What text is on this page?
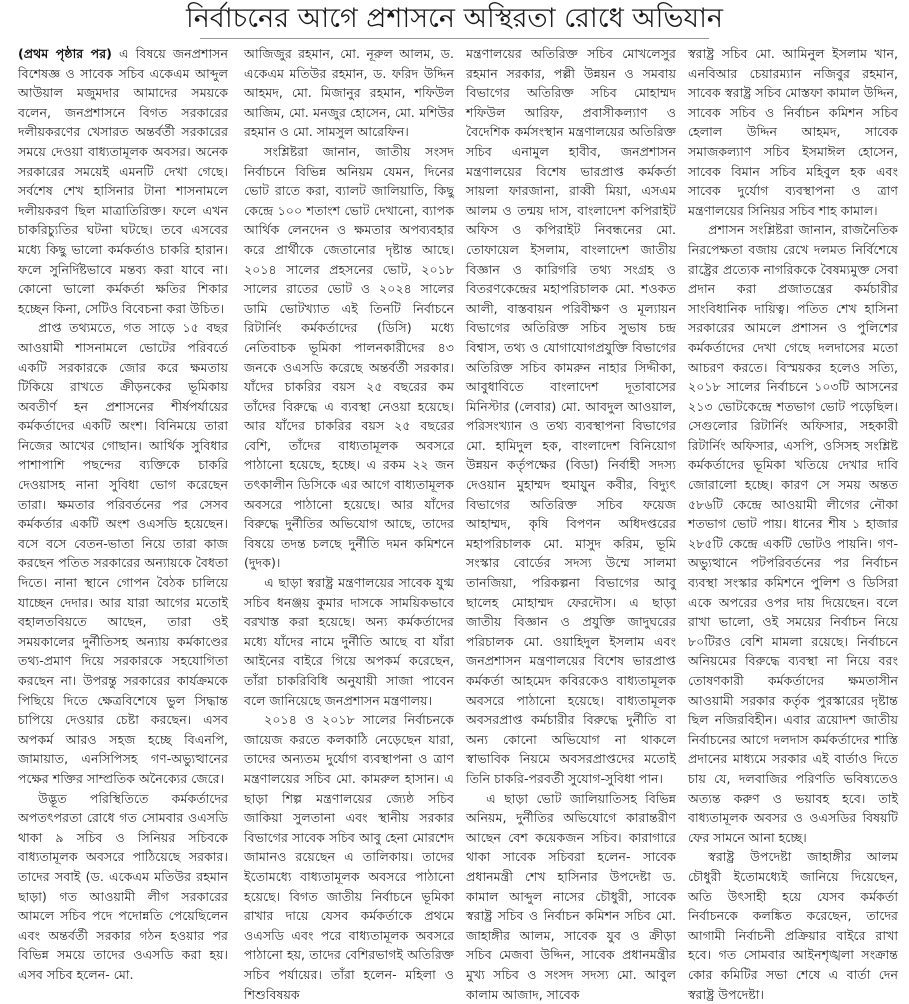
নির্বাচনের আগে প্রশাসনে অস্থিরতা রোধে অভিযান

(প্রথম পৃষ্ঠার পর) এ বিষয়ে জনপ্রশাসন বিশেষজ্ঞ ও সাবেক সচিব একেএম আব্দুল আউয়াল মজুমদার আমাদের সময়কে বলেন, জনপ্রশাসনে বিগত সরকারের দলীয়করণের খেসারত অন্তর্বর্তী সরকারের সময়ে দেওয়া বাধ্যতামূলক অবসর। অনেক সরকারের সময়েই এমনটি দেখা গেছে। সর্বশেষ শেখ হাসিনার টানা শাসনামলে দলীয়করণ ছিল মাত্রাতিরিক্ত। ফলে এখন চাকরিচ্যুতির ঘটনা ঘটছে। তবে এসবের মধ্যে কিছু ভালো কর্মকর্তাও চাকরি হারান। ফলে সুনির্দিষ্টভাবে মন্তব্য করা যাবে না। কোনো ভালো কর্মকর্তা ক্ষতির শিকার হচ্ছেন কিনা, সেটিও বিবেচনা করা উচিত।

প্রাপ্ত তথ্যমতে, গত সাড়ে ১৫ বছর আওয়ামী শাসনামলে ভোটের পরিবর্তে একটি সরকারকে জোর করে ক্ষমতায় টিকিয়ে রাখতে ক্রীড়নকের ভূমিকায় অবতীর্ণ হন প্রশাসনের শীর্ষপর্যায়ের কর্মকর্তাদের একটি অংশ। বিনিময়ে তারা নিজের আখের গোছান। আর্থিক সুবিধার পাশাপাশি পছন্দের ব্যক্তিকে চাকরি দেওয়াসহ নানা সুবিধা ভোগ করেছেন তারা। ক্ষমতার পরিবর্তনের পর সেসব কর্মকর্তার একটি অংশ ওএসডি হয়েছেন। বসে বসে বেতন-ভাতা নিয়ে তারা কাজ করছেন পতিত সরকারের অন্যায়কে বৈধতা দিতে। নানা স্থানে গোপন বৈঠক চালিয়ে যাচ্ছেন দেদার। আর যারা আগের মতোই বহালতবিয়তে আছেন, তারা ওই সময়কালের দুর্নীতিসহ অন্যায় কর্মকাণ্ডের তথ্য-প্রমাণ দিয়ে সরকারকে সহযোগিতা করছেন না। উপরন্তু সরকারের কার্যক্রমকে পিছিয়ে দিতে ক্ষেত্রবিশেষে ভুল সিদ্ধান্ত চাপিয়ে দেওয়ার চেষ্টা করছেন। এসব অপকর্ম আরও সহজ হচ্ছে বিএনপি, জামায়াত, এনসিপিসহ গণ-অভ্যুত্থানের পক্ষের শক্তির সাম্প্রতিক অনৈক্যের জেরে।

উদ্ভূত পরিস্থিতিতে কর্মকর্তাদের অপতৎপরতা রোধে গত সোমবার ওএসডি থাকা ৯ সচিব ও সিনিয়র সচিবকে বাধ্যতামূলক অবসরে পাঠিয়েছে সরকার। তাদের সবাই (ড. একেএম মতিউর রহমান ছাড়া) গত আওয়ামী লীগ সরকারের আমলে সচিব পদে পদোন্নতি পেয়েছিলেন এবং অন্তর্বর্তী সরকার গঠন হওয়ার পর বিভিন্ন সময়ে তাদের ওএসডি করা হয়। এসব সচিব হলেন- মো.

আজিজুর রহমান, মো. নূরুল আলম, ড. একেএম মতিউর রহমান, ড. ফরিদ উদ্দিন আহমদ, মো. মিজানুর রহমান, শফিউল আজিম, মো. মনজুর হোসেন, মো. মশিউর রহমান ও মো. সামসুল আরেফিন।

সংশ্লিষ্টরা জানান, জাতীয় সংসদ নির্বাচনে বিভিন্ন অনিয়ম যেমন, দিনের ভোট রাতে করা, ব্যালট জালিয়াতি, কিছু কেন্দ্রে ১০০ শতাংশ ভোট দেখানো, ব্যাপক আর্থিক লেনদেন ও ক্ষমতার অপব্যবহার করে প্রার্থীকে জেতানোর দৃষ্টান্ত আছে। ২০১৪ সালের প্রহসনের ভোট, ২০১৮ সালের রাতের ভোট ও ২০২৪ সালের ডামি ভোটখ্যাত এই তিনটি নির্বাচনে রিটার্নিং কর্মকর্তাদের (ডিসি) মধ্যে নেতিবাচক ভূমিকা পালনকারীদের ৪৩ জনকে ওএসডি করেছে অন্তর্বর্তী সরকার। যাঁদের চাকরির বয়স ২৫ বছরের কম তাঁদের বিরুদ্ধে এ ব্যবস্থা নেওয়া হয়েছে। আর যাঁদের চাকরির বয়স ২৫ বছরের বেশি, তাঁদের বাধ্যতামূলক অবসরে পাঠানো হয়েছে, হচ্ছে। এ রকম ২২ জন তৎকালীন ডিসিকে এর আগে বাধ্যতামূলক অবসরে পাঠানো হয়েছে। আর যাঁদের বিরুদ্ধে দুর্নীতির অভিযোগ আছে, তাদের বিষয়ে তদন্ত চলছে দুর্নীতি দমন কমিশনে (দুদক)।

এ ছাড়া স্বরাষ্ট্র মন্ত্রণালয়ের সাবেক যুগ্ম সচিব ধনঞ্জয় কুমার দাসকে সাময়িকভাবে বরখাস্ত করা হয়েছে। অন্য কর্মকর্তাদের মধ্যে যাঁদের নামে দুর্নীতি আছে বা যাঁরা আইনের বাইরে গিয়ে অপকর্ম করেছেন, তাঁরা চাকরিবিধি অনুযায়ী সাজা পাবেন বলে জানিয়েছে জনপ্রশাসন মন্ত্রণালয়।

২০১৪ ও ২০১৮ সালের নির্বাচনকে জায়েজ করতে কলকাঠি নেড়েছেন যারা, তাদের অন্যতম দুর্যোগ ব্যবস্থাপনা ও ত্রাণ মন্ত্রণালয়ের সচিব মো. কামরুল হাসান। এ ছাড়া শিল্প মন্ত্রণালয়ের জ্যেষ্ঠ সচিব জাকিয়া সুলতানা এবং স্থানীয় সরকার বিভাগের সাবেক সচিব আবু হেনা মোরশেদ জামানও রয়েছেন এ তালিকায়। তাদের ইতোমধ্যে বাধ্যতামূলক অবসরে পাঠানো হয়েছে। বিগত জাতীয় নির্বাচনে ভূমিকা রাখার দায়ে যেসব কর্মকর্তাকে প্রথমে ওএসডি এবং পরে বাধ্যতামূলক অবসরে পাঠানো হয়, তাদের বেশিরভাগই অতিরিক্ত সচিব পর্যায়ের। তাঁরা হলেন- মহিলা ও শিশুবিষয়ক

মন্ত্রণালয়ের অতিরিক্ত সচিব মোখলেসুর রহমান সরকার, পল্লী উন্নয়ন ও সমবায় বিভাগের অতিরিক্ত সচিব মোহাম্মদ শফিউল আরিফ, প্রবাসীকল্যাণ ও বৈদেশিক কর্মসংস্থান মন্ত্রণালয়ের অতিরিক্ত সচিব এনামুল হাবীব, জনপ্রশাসন মন্ত্রণালয়ের বিশেষ ভারপ্রাপ্ত কর্মকর্তা সায়লা ফারজানা, রাব্বী মিয়া, এসএম আলম ও তন্ময় দাস, বাংলাদেশ কপিরাইট অফিস ও কপিরাইট নিবন্ধনের মো. তোফায়েল ইসলাম, বাংলাদেশ জাতীয় বিজ্ঞান ও কারিগরি তথ্য সংগ্রহ ও বিতরণকেন্দ্রের মহাপরিচালক মো. শওকত আলী, বাস্তবায়ন পরিবীক্ষণ ও মূল্যায়ন বিভাগের অতিরিক্ত সচিব সুভাষ চন্দ্র বিশ্বাস, তথ্য ও যোগাযোগপ্রযুক্তি বিভাগের অতিরিক্ত সচিব কামরুন নাহার সিদ্দীকা, আবুধাবিতে বাংলাদেশ দূতাবাসের মিনিস্টার (লেবার) মো. আবদুল আওয়াল, পরিসংখ্যান ও তথ্য ব্যবস্থাপনা বিভাগের মো. হামিদুল হক, বাংলাদেশ বিনিয়োগ উন্নয়ন কর্তৃপক্ষের (বিডা) নির্বাহী সদস্য দেওয়ান মুহাম্মদ হুমায়ুন কবীর, বিদ্যুৎ বিভাগের অতিরিক্ত সচিব ফয়েজ আহাম্মদ, কৃষি বিপণন অধিদপ্তরের মহাপরিচালক মো. মাসুদ করিম, ভূমি সংস্কার বোর্ডের সদস্য উম্মে সালমা তানজিয়া, পরিকল্পনা বিভাগের আবু ছালেহ মোহাম্মদ ফেরদৌস। এ ছাড়া জাতীয় বিজ্ঞান ও প্রযুক্তি জাদুঘরের পরিচালক মো. ওয়াহিদুল ইসলাম এবং জনপ্রশাসন মন্ত্রণালয়ের বিশেষ ভারপ্রাপ্ত কর্মকর্তা আহমেদ কবিরকেও বাধ্যতামূলক অবসরে পাঠানো হয়েছে। বাধ্যতামূলক অবসরপ্রাপ্ত কর্মচারীর বিরুদ্ধে দুর্নীতি বা অন্য কোনো অভিযোগ না থাকলে স্বাভাবিক নিয়মে অবসরপ্রাপ্তদের মতোই তিনি চাকরি-পরবর্তী সুযোগ-সুবিধা পান।

এ ছাড়া ভোট জালিয়াতিসহ বিভিন্ন অনিয়ম, দুর্নীতির অভিযোগে কারান্তরীণ আছেন বেশ কয়েকজন সচিব। কারাগারে থাকা সাবেক সচিবরা হলেন- সাবেক প্রধানমন্ত্রী শেখ হাসিনার উপদেষ্টা ড. কামাল আব্দুল নাসের চৌধুরী, সাবেক স্বরাষ্ট্র সচিব ও নির্বাচন কমিশন সচিব মো. জাহাঙ্গীর আলম, সাবেক যুব ও ক্রীড়া সচিব মেজবা উদ্দিন, সাবেক প্রধানমন্ত্রীর মুখ্য সচিব ও সংসদ সদস্য মো. আবুল কালাম আজাদ, সাবেক

স্বরাষ্ট্র সচিব মো. আমিনুল ইসলাম খান, এনবিআর চেয়ারম্যান নজিবুর রহমান, সাবেক স্বরাষ্ট্র সচিব মোস্তফা কামাল উদ্দিন, সাবেক সচিব ও নির্বাচন কমিশন সচিব হেলাল উদ্দিন আহমদ, সাবেক সমাজকল্যাণ সচিব ইসমাঈল হোসেন, সাবেক বিমান সচিব মহিবুল হক এবং সাবেক দুর্যোগ ব্যবস্থাপনা ও ত্রাণ মন্ত্রণালয়ের সিনিয়র সচিব শাহ কামাল।

প্রশাসন সংশ্লিষ্টরা জানান, রাজনৈতিক নিরপেক্ষতা বজায় রেখে দলমত নির্বিশেষে রাষ্ট্রের প্রত্যেক নাগরিককে বৈষম্যমুক্ত সেবা প্রদান করা প্রজাতন্ত্রের কর্মচারীর সাংবিধানিক দায়িত্ব। পতিত শেখ হাসিনা সরকারের আমলে প্রশাসন ও পুলিশের কর্মকর্তাদের দেখা গেছে দলদাসের মতো আচরণ করতে। বিস্ময়কর হলেও সত্যি, ২০১৮ সালের নির্বাচনে ১০৩টি আসনের ২১৩ ভোটকেন্দ্রে শতভাগ ভোট পড়েছিল। সেগুলোর রিটার্নিং অফিসার, সহকারী রিটার্নিং অফিসার, এসপি, ওসিসহ সংশ্লিষ্ট কর্মকর্তাদের ভূমিকা খতিয়ে দেখার দাবি জোরালো হচ্ছে। কারণ সে সময় অন্তত ৫৮৬টি কেন্দ্রে আওয়ামী লীগের নৌকা শতভাগ ভোট পায়। ধানের শীষ ১ হাজার ২৮৫টি কেন্দ্রে একটি ভোটও পায়নি। গণ-অভ্যুত্থানে পটপরিবর্তনের পর নির্বাচন ব্যবস্থা সংস্কার কমিশনে পুলিশ ও ডিসিরা একে অপরের ওপর দায় দিয়েছেন। বলে রাখা ভালো, ওই সময়ের নির্বাচন নিয়ে ৮০টিরও বেশি মামলা রয়েছে। নির্বাচনে অনিয়মের বিরুদ্ধে ব্যবস্থা না নিয়ে বরং তোষণকারী কর্মকর্তাদের ক্ষমতাসীন আওয়ামী সরকার কর্তৃক পুরস্কারের দৃষ্টান্ত ছিল নজিরবিহীন। এবার ত্রয়োদশ জাতীয় নির্বাচনের আগে দলদাস কর্মকর্তাদের শাস্তি প্রদানের মাধ্যমে সরকার এই বার্তাও দিতে চায় যে, দলবাজির পরিণতি ভবিষ্যতেও অত্যন্ত করুণ ও ভয়াবহ হবে। তাই বাধ্যতামূলক অবসর ও ওএসডির বিষয়টি ফের সামনে আনা হচ্ছে।

স্বরাষ্ট্র উপদেষ্টা জাহাঙ্গীর আলম চৌধুরী ইতোমধ্যেই জানিয়ে দিয়েছেন, অতি উৎসাহী হয়ে যেসব কর্মকর্তা নির্বাচনকে কলঙ্কিত করেছেন, তাদের আগামী নির্বাচনী প্রক্রিয়ার বাইরে রাখা হবে। গত সোমবার আইনশৃঙ্খলা সংক্রান্ত কোর কমিটির সভা শেষে এ বার্তা দেন স্বরাষ্ট্র উপদেষ্টা।
